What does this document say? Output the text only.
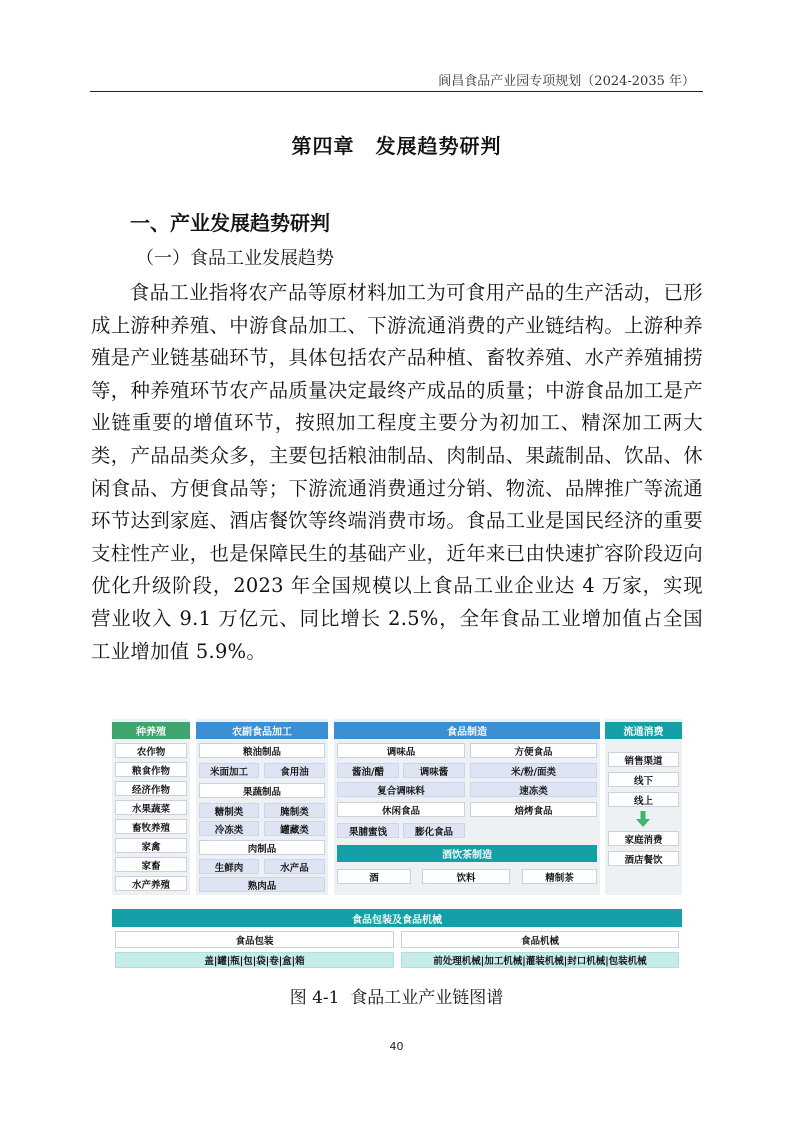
阆昌食品产业园专项规划（2024-2035 年）
第四章　发展趋势研判
一、产业发展趋势研判
（一）食品工业发展趋势

食品工业指将农产品等原材料加工为可食用产品的生产活动，已形成上游种养殖、中游食品加工、下游流通消费的产业链结构。上游种养殖是产业链基础环节，具体包括农产品种植、畜牧养殖、水产养殖捕捞等，种养殖环节农产品质量决定最终产成品的质量；中游食品加工是产业链重要的增值环节，按照加工程度主要分为初加工、精深加工两大类，产品品类众多，主要包括粮油制品、肉制品、果蔬制品、饮品、休闲食品、方便食品等；下游流通消费通过分销、物流、品牌推广等流通环节达到家庭、酒店餐饮等终端消费市场。食品工业是国民经济的重要支柱性产业，也是保障民生的基础产业，近年来已由快速扩容阶段迈向优化升级阶段，2023 年全国规模以上食品工业企业达 4 万家，实现营业收入 9.1 万亿元、同比增长 2.5%，全年食品工业增加值占全国工业增加值 5.9%。

种养殖
农作物
粮食作物
经济作物
水果蔬菜
畜牧养殖
家禽
家畜
水产养殖
农副食品加工
粮油制品
米面加工	食用油
果蔬制品
糖制类	腌制类
冷冻类	罐藏类
肉制品
生鲜肉	水产品
熟肉品
食品制造
调味品
酱油/醋	调味酱
复合调味料
休闲食品
果脯蜜饯	膨化食品
方便食品
米/粉/面类
速冻类
焙烤食品
酒饮茶制造
酒	饮料	精制茶
流通消费
销售渠道
线下
线上
家庭消费
酒店餐饮
食品包装及食品机械
食品包装	食品机械
盖|罐|瓶|包|袋|卷|盒|箱	前处理机械|加工机械|灌装机械|封口机械|包装机械
图 4-1  食品工业产业链图谱
40
